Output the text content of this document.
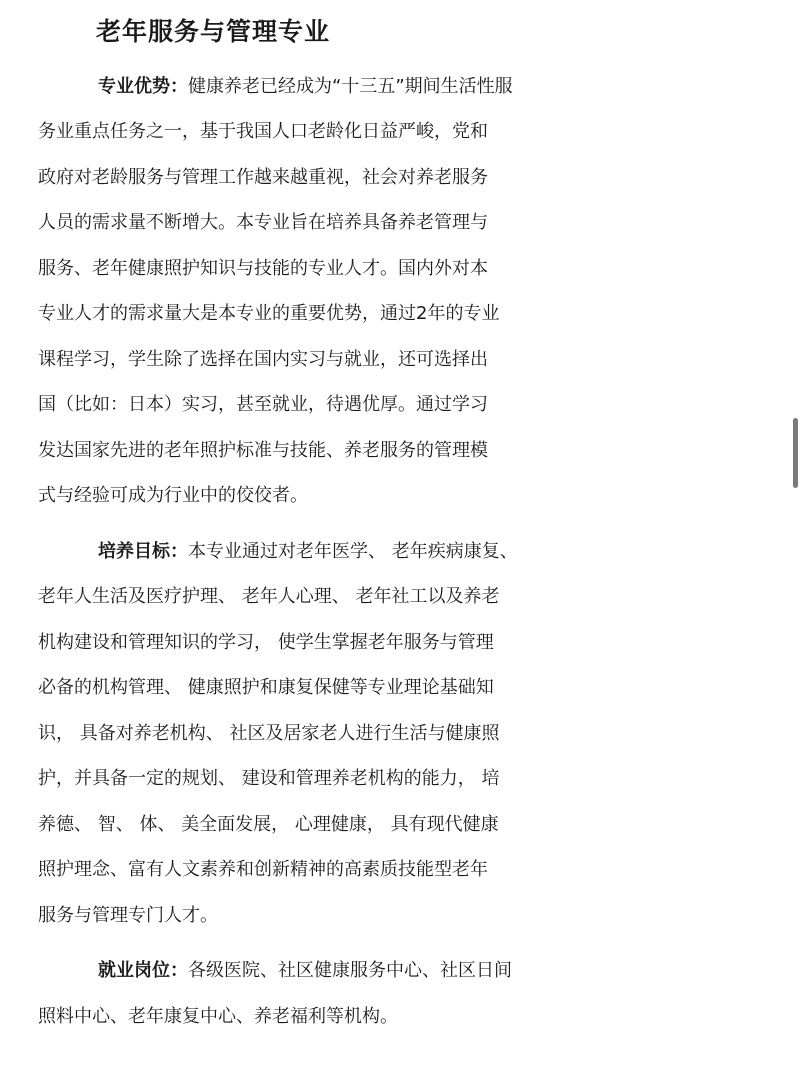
老年服务与管理专业
专业优势：健康养老已经成为“十三五”期间生活性服
务业重点任务之一，基于我国人口老龄化日益严峻，党和
政府对老龄服务与管理工作越来越重视，社会对养老服务
人员的需求量不断增大。本专业旨在培养具备养老管理与
服务、老年健康照护知识与技能的专业人才。国内外对本
专业人才的需求量大是本专业的重要优势，通过2年的专业
课程学习，学生除了选择在国内实习与就业，还可选择出
国（比如：日本）实习，甚至就业，待遇优厚。通过学习
发达国家先进的老年照护标准与技能、养老服务的管理模
式与经验可成为行业中的佼佼者。
培养目标：本专业通过对老年医学、 老年疾病康复、
老年人生活及医疗护理、 老年人心理、 老年社工以及养老
机构建设和管理知识的学习， 使学生掌握老年服务与管理
必备的机构管理、 健康照护和康复保健等专业理论基础知
识， 具备对养老机构、 社区及居家老人进行生活与健康照
护，并具备一定的规划、 建设和管理养老机构的能力， 培
养德、 智、 体、 美全面发展， 心理健康， 具有现代健康
照护理念、富有人文素养和创新精神的高素质技能型老年
服务与管理专门人才。
就业岗位：各级医院、社区健康服务中心、社区日间
照料中心、老年康复中心、养老福利等机构。
